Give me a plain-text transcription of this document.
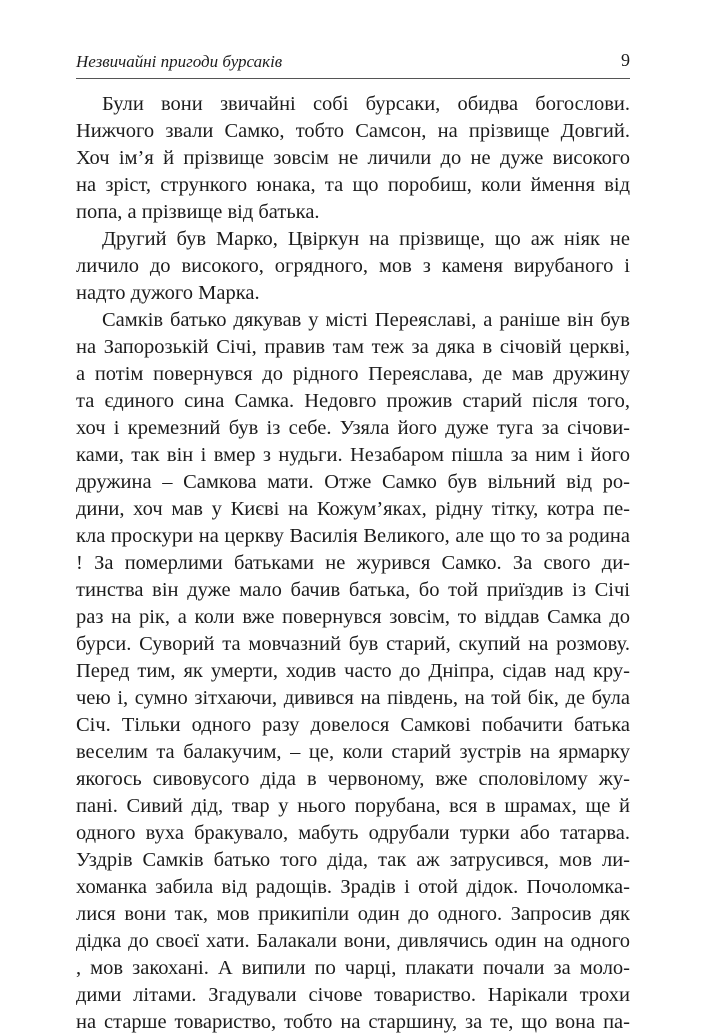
Незвичайні пригоди бурсаків	9
Були вони звичайні собі бурсаки, обидва богослови.
Нижчого звали Самко, тобто Самсон, на прізвище Довгий.
Хоч ім’я й прізвище зовсім не личили до не дуже високого
на зріст, стрункого юнака, та що поробиш, коли ймення від
попа, а прізвище від батька.
Другий був Марко, Цвіркун на прізвище, що аж ніяк не
личило до високого, огрядного, мов з каменя вирубаного і
надто дужого Марка.
Самків батько дякував у місті Переяславі, а раніше він був
на Запорозькій Січі, правив там теж за дяка в січовій церкві,
а потім повернувся до рідного Переяслава, де мав дружину
та єдиного сина Самка. Недовго прожив старий після того,
хоч і кремезний був із себе. Узяла його дуже туга за січови-
ками, так він і вмер з нудьги. Незабаром пішла за ним і його
дружина – Самкова мати. Отже Самко був вільний від ро-
дини, хоч мав у Києві на Кожум’яках, рідну тітку, котра пе-
кла проскури на церкву Василія Великого, але що то за родина
! За померлими батьками не журився Самко. За свого ди-
тинства він дуже мало бачив батька, бо той приїздив із Січі
раз на рік, а коли вже повернувся зовсім, то віддав Самка до
бурси. Суворий та мовчазний був старий, скупий на розмову.
Перед тим, як умерти, ходив часто до Дніпра, сідав над кру-
чею і, сумно зітхаючи, дивився на південь, на той бік, де була
Січ. Тільки одного разу довелося Самкові побачити батька
веселим та балакучим, – це, коли старий зустрів на ярмарку
якогось сивовусого діда в червоному, вже споловілому жу-
пані. Сивий дід, твар у нього порубана, вся в шрамах, ще й
одного вуха бракувало, мабуть одрубали турки або татарва.
Уздрів Самків батько того діда, так аж затрусився, мов ли-
хоманка забила від радощів. Зрадів і отой дідок. Почоломка-
лися вони так, мов прикипіли один до одного. Запросив дяк
дідка до своєї хати. Балакали вони, дивлячись один на одного
, мов закохані. А випили по чарці, плакати почали за моло-
дими літами. Згадували січове товариство. Нарікали трохи
на старше товариство, тобто на старшину, за те, що вона па-
